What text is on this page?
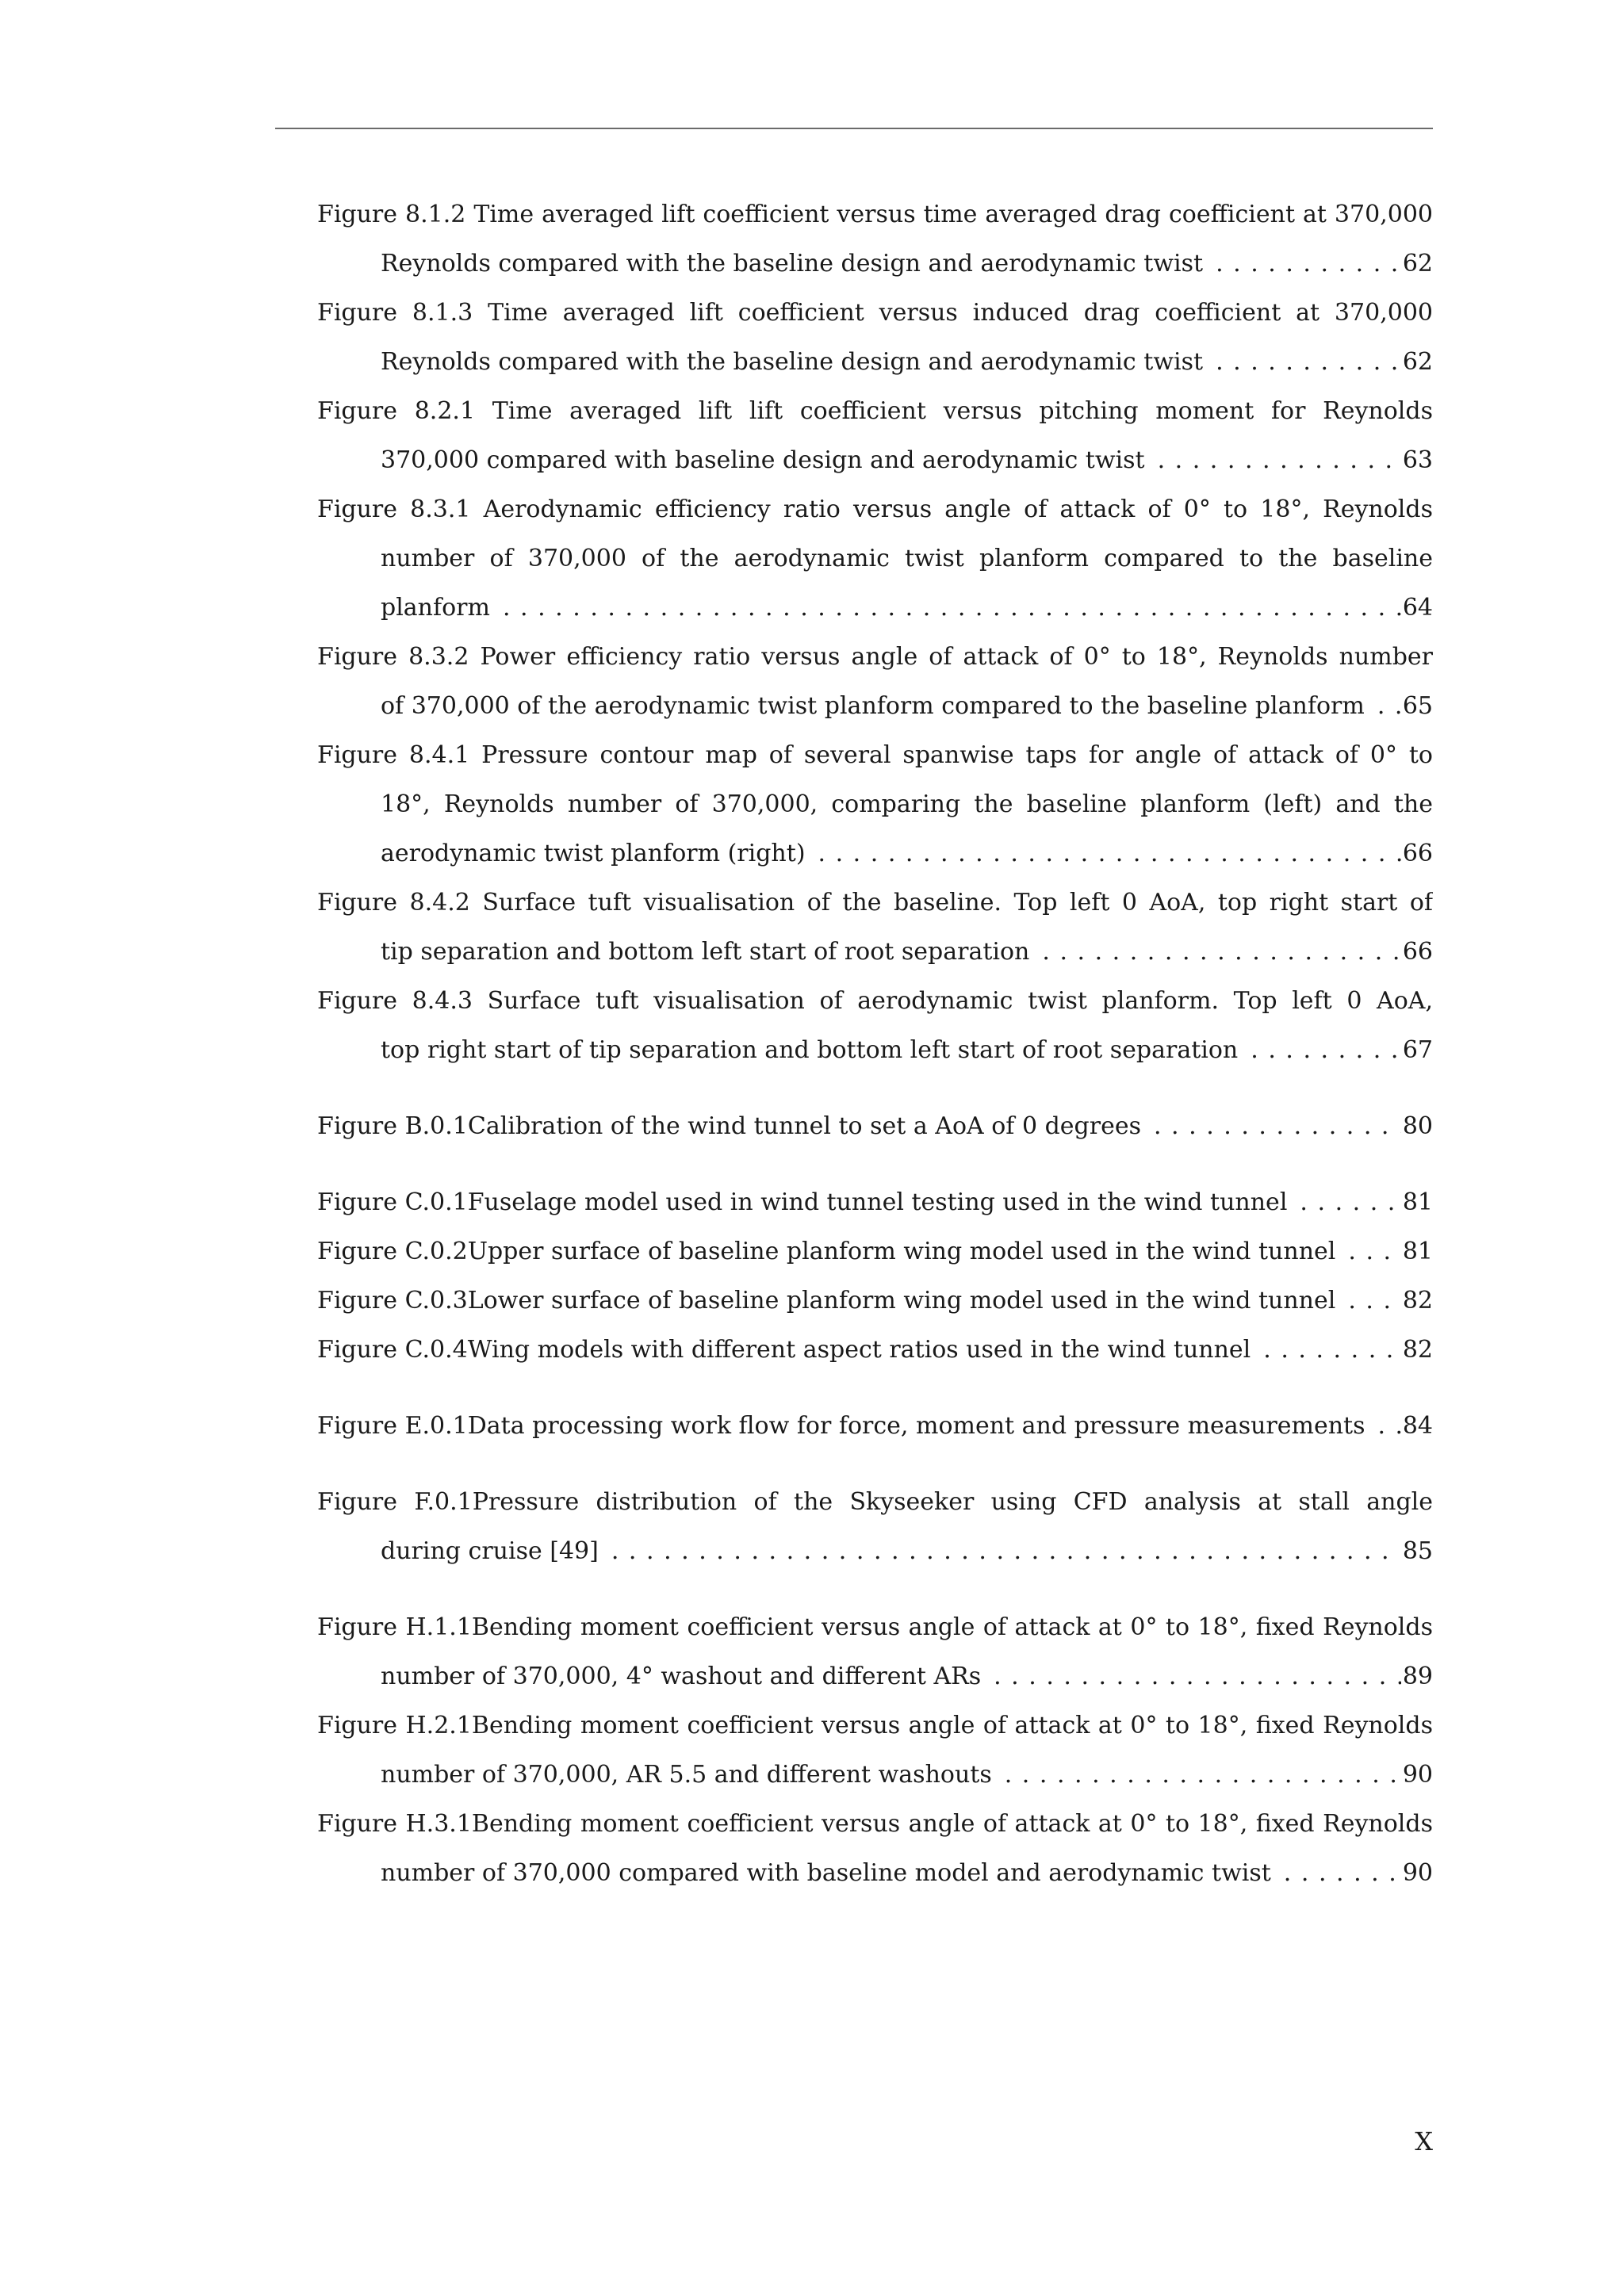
Figure 8.1.2 Time averaged lift coefficient versus time averaged drag coefficient at 370,000
Reynolds compared with the baseline design and aerodynamic twist . . .	62
Figure 8.1.3 Time averaged lift coefficient versus induced drag coefficient at 370,000
Reynolds compared with the baseline design and aerodynamic twist . . .	62
Figure 8.2.1 Time averaged lift lift coefficient versus pitching moment for Reynolds
370,000 compared with baseline design and aerodynamic twist . . .	63
Figure 8.3.1 Aerodynamic efficiency ratio versus angle of attack of 0° to 18°, Reynolds
number of 370,000 of the aerodynamic twist planform compared to the baseline
planform . . .	64
Figure 8.3.2 Power efficiency ratio versus angle of attack of 0° to 18°, Reynolds number
of 370,000 of the aerodynamic twist planform compared to the baseline planform . . . 65
Figure 8.4.1 Pressure contour map of several spanwise taps for angle of attack of 0° to
18°, Reynolds number of 370,000, comparing the baseline planform (left) and the
aerodynamic twist planform (right) . . .	66
Figure 8.4.2 Surface tuft visualisation of the baseline. Top left 0 AoA, top right start of
tip separation and bottom left start of root separation . . .	66
Figure 8.4.3 Surface tuft visualisation of aerodynamic twist planform. Top left 0 AoA,
top right start of tip separation and bottom left start of root separation . . .	67
Figure B.0.1Calibration of the wind tunnel to set a AoA of 0 degrees . . .	80
Figure C.0.1Fuselage model used in wind tunnel testing used in the wind tunnel . . .	81
Figure C.0.2Upper surface of baseline planform wing model used in the wind tunnel . . .	81
Figure C.0.3Lower surface of baseline planform wing model used in the wind tunnel . . .	82
Figure C.0.4Wing models with different aspect ratios used in the wind tunnel . . .	82
Figure E.0.1Data processing work flow for force, moment and pressure measurements . . . 84
Figure F.0.1Pressure distribution of the Skyseeker using CFD analysis at stall angle
during cruise [49] . . .	85
Figure H.1.1Bending moment coefficient versus angle of attack at 0° to 18°, fixed Reynolds
number of 370,000, 4° washout and different ARs . . .	89
Figure H.2.1Bending moment coefficient versus angle of attack at 0° to 18°, fixed Reynolds
number of 370,000, AR 5.5 and different washouts . . .	90
Figure H.3.1Bending moment coefficient versus angle of attack at 0° to 18°, fixed Reynolds
number of 370,000 compared with baseline model and aerodynamic twist . . .	90
X
